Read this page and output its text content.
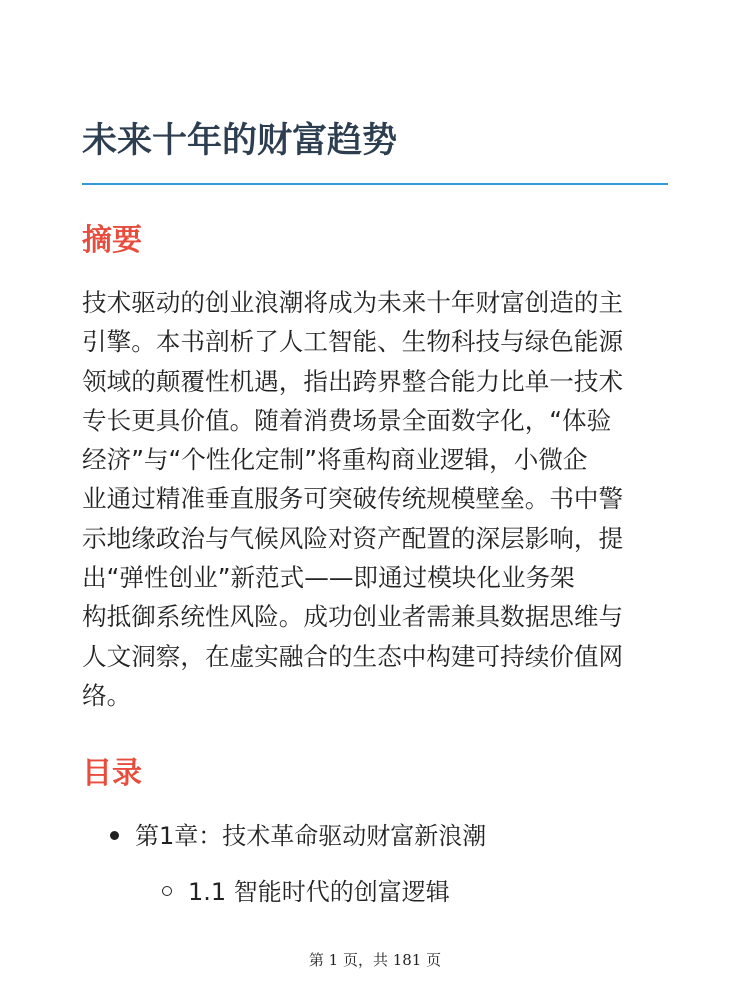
未来十年的财富趋势
摘要

技术驱动的创业浪潮将成为未来十年财富创造的主
引擎。本书剖析了人工智能、生物科技与绿色能源
领域的颠覆性机遇，指出跨界整合能力比单一技术
专长更具价值。随着消费场景全面数字化，“体验
经济”与“个性化定制”将重构商业逻辑，小微企
业通过精准垂直服务可突破传统规模壁垒。书中警
示地缘政治与气候风险对资产配置的深层影响，提
出“弹性创业”新范式——即通过模块化业务架
构抵御系统性风险。成功创业者需兼具数据思维与
人文洞察，在虚实融合的生态中构建可持续价值网
络。

目录
第1章：技术革命驱动财富新浪潮
1.1 智能时代的创富逻辑
第 1 页，共 181 页
